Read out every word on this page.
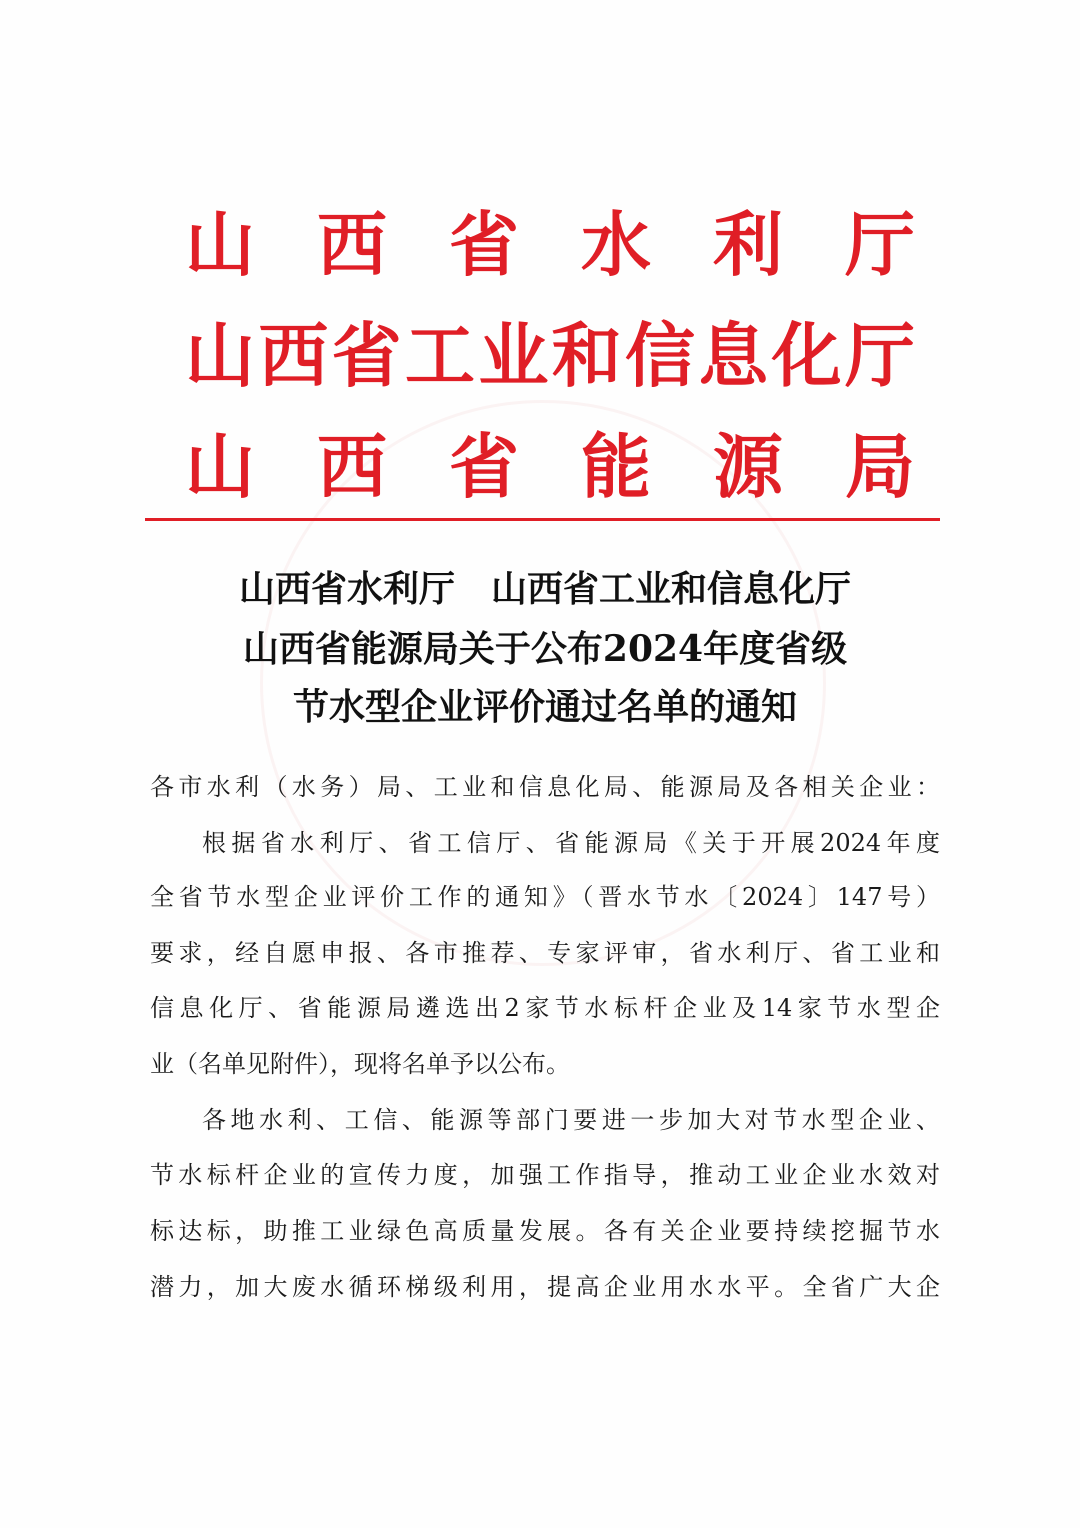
山 西 省 水 利 厅
山 西 省 工 业 和 信 息 化 厅
山 西 省 能 源 局
山西省水利厅　山西省工业和信息化厅
山西省能源局关于公布2024年度省级
节水型企业评价通过名单的通知
各市水利（水务）局、工业和信息化局、能源局及各相关企业：
根据省水利厅、省工信厅、省能源局《关于开展2024年度
全省节水型企业评价工作的通知》（晋水节水〔2024〕147号）
要求，经自愿申报、各市推荐、专家评审，省水利厅、省工业和
信息化厅、省能源局遴选出2家节水标杆企业及14家节水型企
业（名单见附件），现将名单予以公布。
各地水利、工信、能源等部门要进一步加大对节水型企业、
节水标杆企业的宣传力度，加强工作指导，推动工业企业水效对
标达标，助推工业绿色高质量发展。各有关企业要持续挖掘节水
潜力，加大废水循环梯级利用，提高企业用水水平。全省广大企
